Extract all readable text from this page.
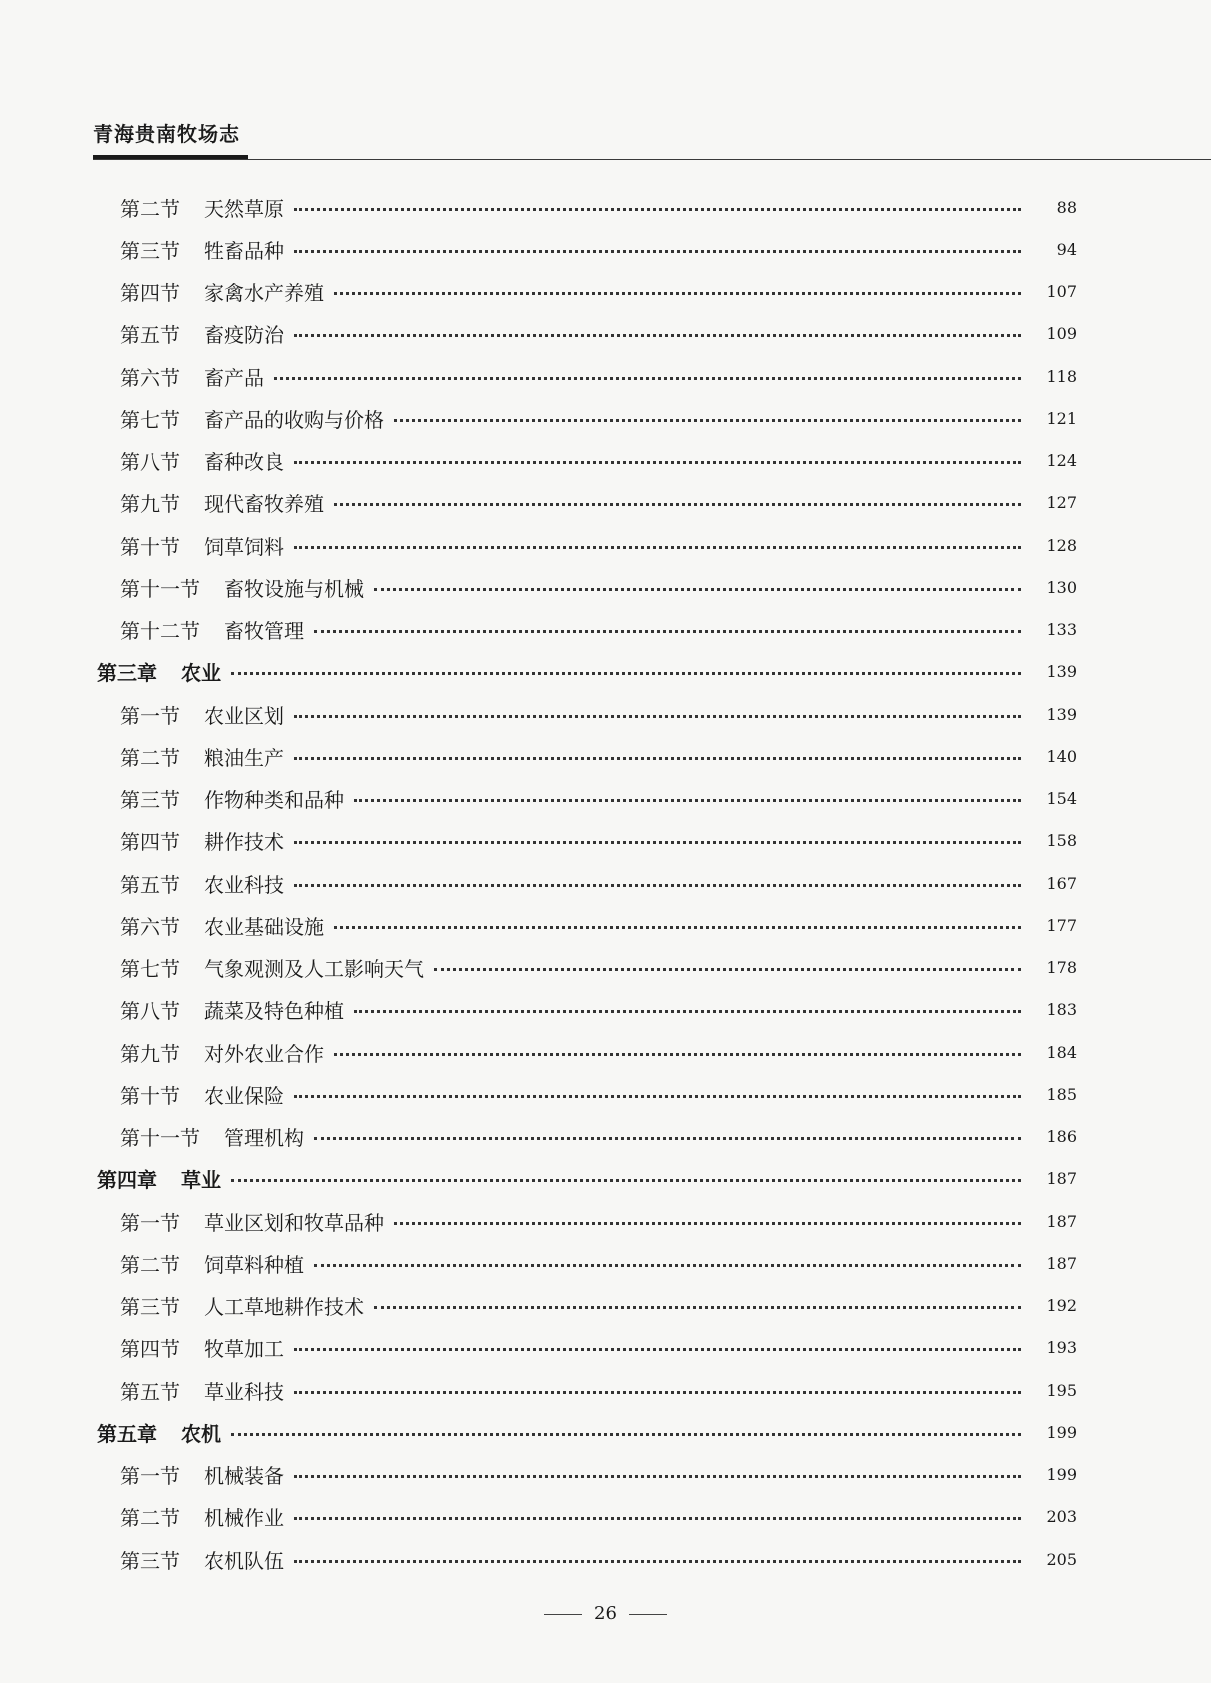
青海贵南牧场志
第二节 天然草原	88
第三节 牲畜品种	94
第四节 家禽水产养殖	107
第五节 畜疫防治	109
第六节 畜产品	118
第七节 畜产品的收购与价格	121
第八节 畜种改良	124
第九节 现代畜牧养殖	127
第十节 饲草饲料	128
第十一节 畜牧设施与机械	130
第十二节 畜牧管理	133
第三章 农业	139
第一节 农业区划	139
第二节 粮油生产	140
第三节 作物种类和品种	154
第四节 耕作技术	158
第五节 农业科技	167
第六节 农业基础设施	177
第七节 气象观测及人工影响天气	178
第八节 蔬菜及特色种植	183
第九节 对外农业合作	184
第十节 农业保险	185
第十一节 管理机构	186
第四章 草业	187
第一节 草业区划和牧草品种	187
第二节 饲草料种植	187
第三节 人工草地耕作技术	192
第四节 牧草加工	193
第五节 草业科技	195
第五章 农机	199
第一节 机械装备	199
第二节 机械作业	203
第三节 农机队伍	205
26
